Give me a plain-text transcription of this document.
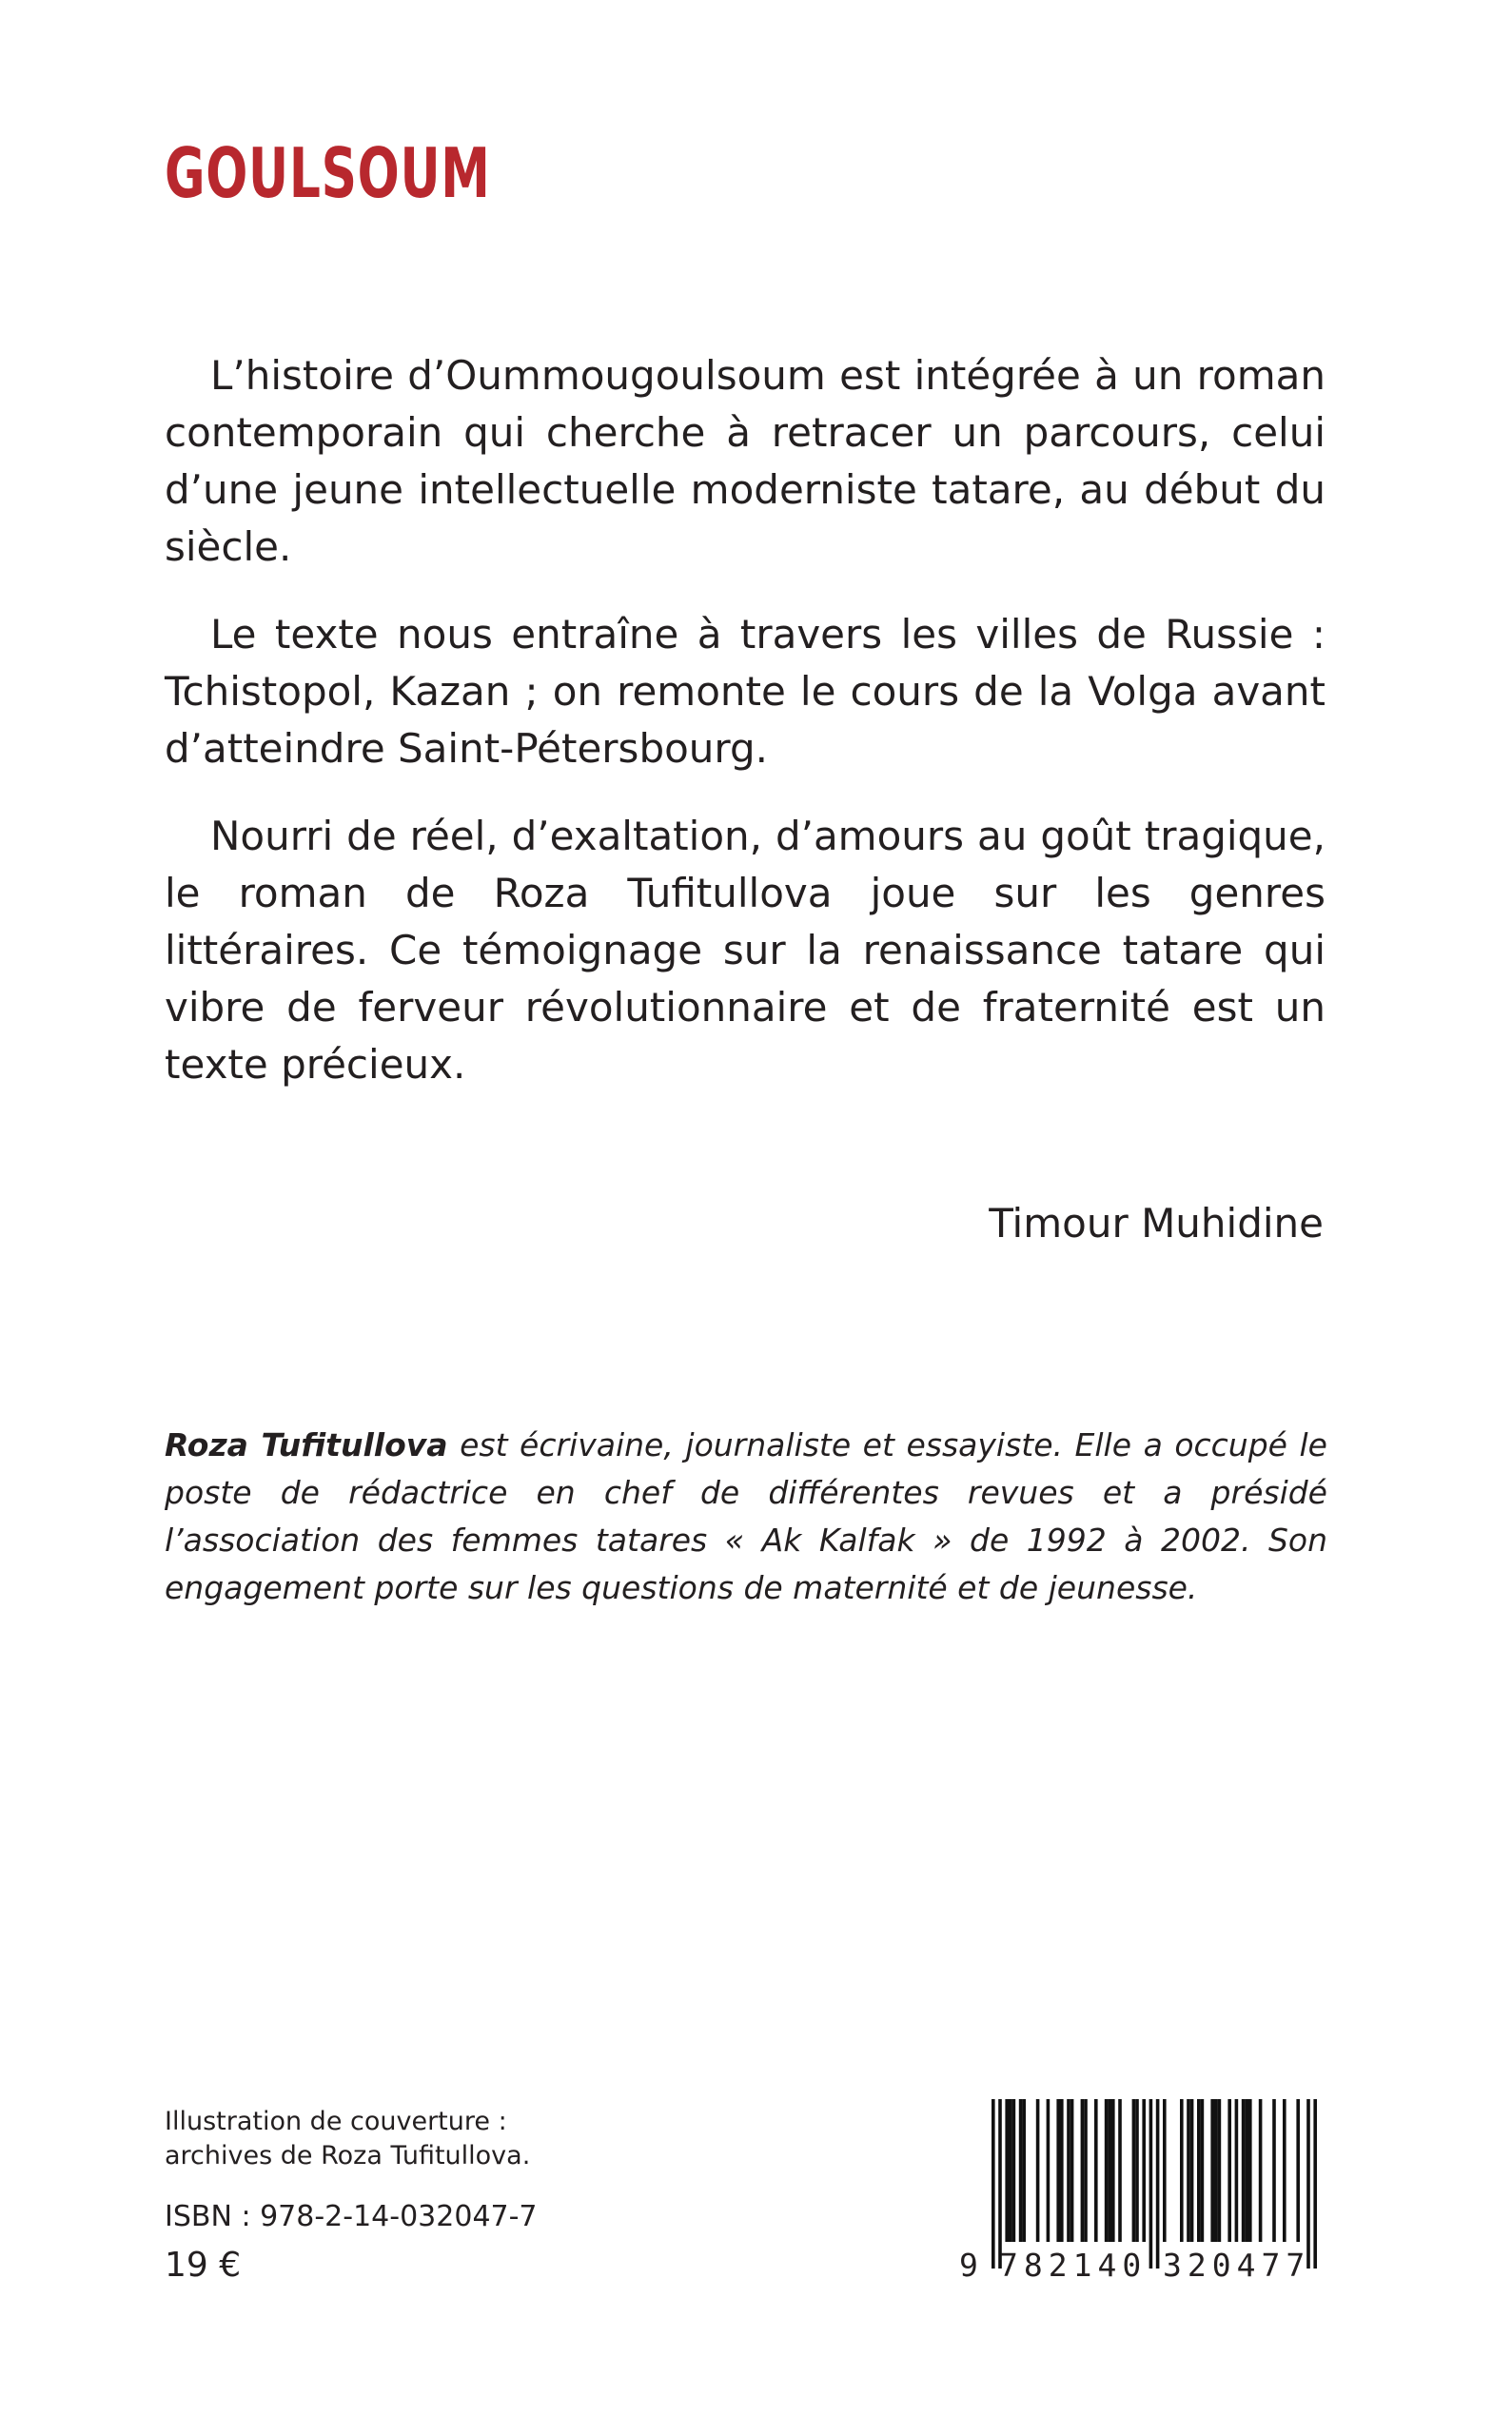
GOULSOUM

L’histoire d’Oummougoulsoum est intégrée à un roman contemporain qui cherche à retracer un parcours, celui d’une jeune intellectuelle moderniste tatare, au début du siècle.

Le texte nous entraîne à travers les villes de Russie : Tchistopol, Kazan ; on remonte le cours de la Volga avant d’atteindre Saint-Pétersbourg.

Nourri de réel, d’exaltation, d’amours au goût tragique, le roman de Roza Tufitullova joue sur les genres littéraires. Ce témoignage sur la renaissance tatare qui vibre de ferveur révolutionnaire et de fraternité est un texte précieux.

Timour Muhidine

Roza Tufitullova est écrivaine, journaliste et essayiste. Elle a occupé le poste de rédactrice en chef de différentes revues et a présidé l’association des femmes tatares « Ak Kalfak » de 1992 à 2002. Son engagement porte sur les questions de maternité et de jeunesse.

Illustration de couverture :
archives de Roza Tufitullova.
ISBN : 978-2-14-032047-7
19 €	9 782140 320477
